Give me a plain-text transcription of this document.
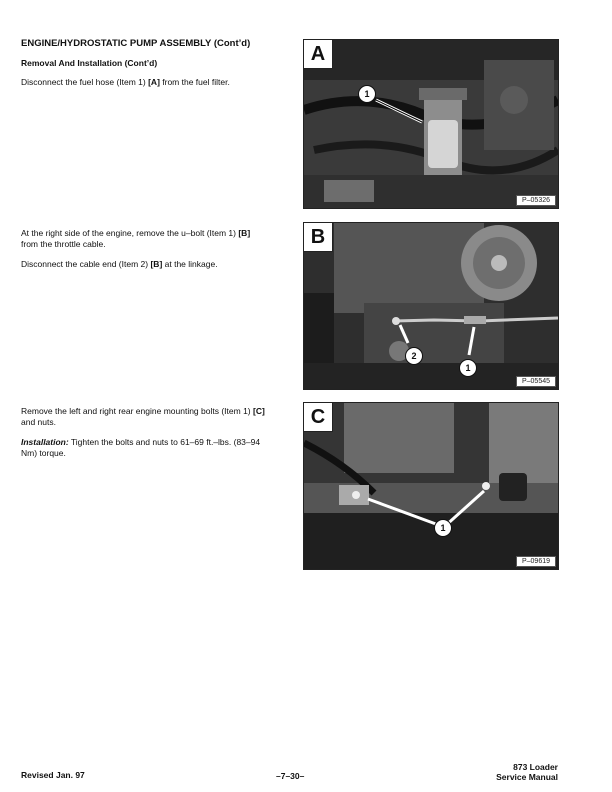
ENGINE/HYDROSTATIC PUMP ASSEMBLY (Cont’d)
Removal And Installation (Cont’d)
Disconnect the fuel hose (Item 1) [A] from the fuel filter.
A
1
P–05326
At the right side of the engine, remove the u–bolt (Item 1) [B] from the throttle cable.
Disconnect the cable end (Item 2) [B] at the linkage.
B
2
1
P–05545
Remove the left and right rear engine mounting bolts (Item 1) [C] and nuts.
Installation: Tighten the bolts and nuts to 61–69 ft.–lbs. (83–94 Nm) torque.
C
1
P–09619
Revised Jan. 97	–7–30–
873 Loader
Service Manual
